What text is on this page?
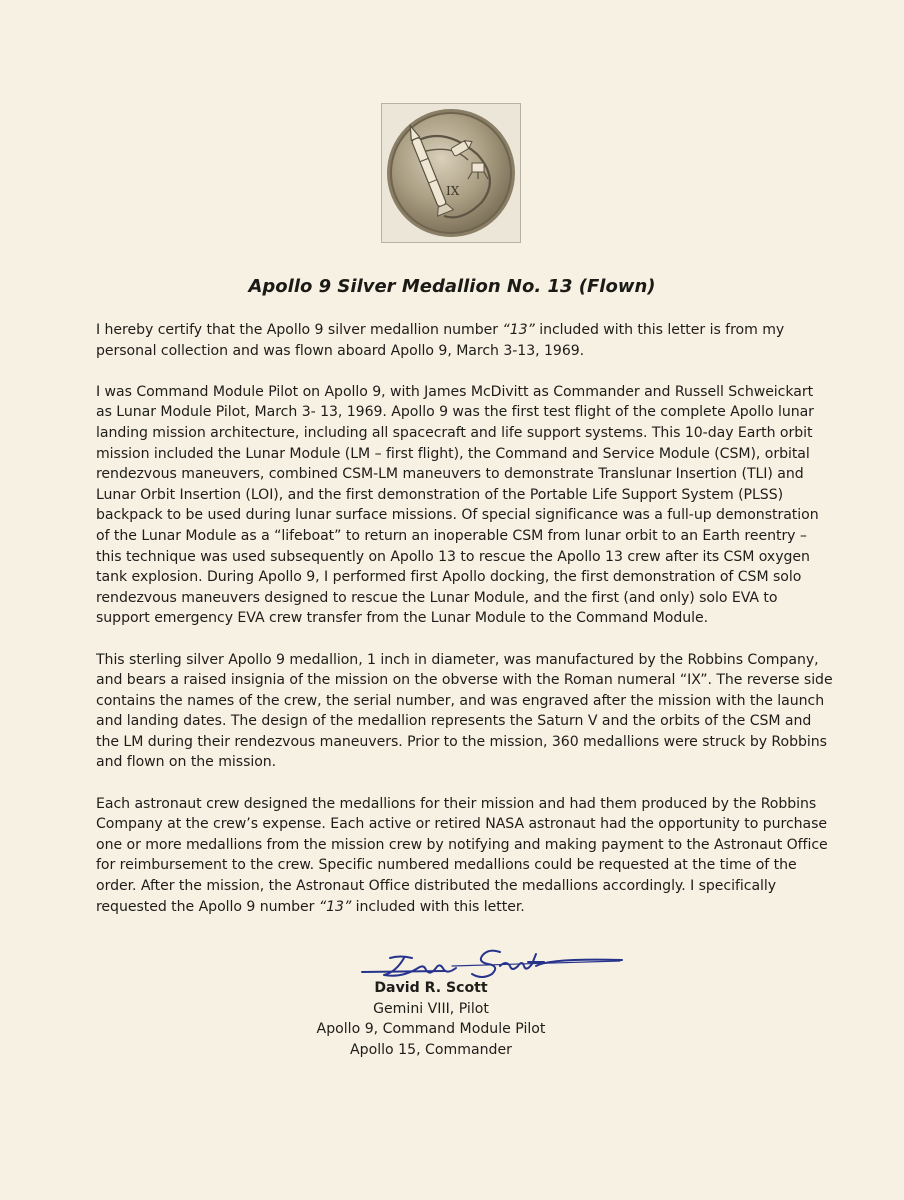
IX
Apollo 9 Silver Medallion No. 13 (Flown)

I hereby certify that the Apollo 9 silver medallion number “13” included with this letter is from my
personal collection and was flown aboard Apollo 9, March 3-13, 1969.

I was Command Module Pilot on Apollo 9, with James McDivitt as Commander and Russell Schweickart
as Lunar Module Pilot, March 3- 13, 1969. Apollo 9 was the first test flight of the complete Apollo lunar
landing mission architecture, including all spacecraft and life support systems. This 10-day Earth orbit
mission included the Lunar Module (LM – first flight), the Command and Service Module (CSM), orbital
rendezvous maneuvers, combined CSM-LM maneuvers to demonstrate Translunar Insertion (TLI) and
Lunar Orbit Insertion (LOI), and the first demonstration of the Portable Life Support System (PLSS)
backpack to be used during lunar surface missions. Of special significance was a full-up demonstration
of the Lunar Module as a “lifeboat” to return an inoperable CSM from lunar orbit to an Earth reentry –
this technique was used subsequently on Apollo 13 to rescue the Apollo 13 crew after its CSM oxygen
tank explosion. During Apollo 9, I performed first Apollo docking, the first demonstration of CSM solo
rendezvous maneuvers designed to rescue the Lunar Module, and the first (and only) solo EVA to
support emergency EVA crew transfer from the Lunar Module to the Command Module.

This sterling silver Apollo 9 medallion, 1 inch in diameter, was manufactured by the Robbins Company,
and bears a raised insignia of the mission on the obverse with the Roman numeral “IX”. The reverse side
contains the names of the crew, the serial number, and was engraved after the mission with the launch
and landing dates. The design of the medallion represents the Saturn V and the orbits of the CSM and
the LM during their rendezvous maneuvers. Prior to the mission, 360 medallions were struck by Robbins
and flown on the mission.

Each astronaut crew designed the medallions for their mission and had them produced by the Robbins
Company at the crew’s expense. Each active or retired NASA astronaut had the opportunity to purchase
one or more medallions from the mission crew by notifying and making payment to the Astronaut Office
for reimbursement to the crew. Specific numbered medallions could be requested at the time of the
order. After the mission, the Astronaut Office distributed the medallions accordingly. I specifically
requested the Apollo 9 number “13” included with this letter.

David R. Scott
Gemini VIII, Pilot
Apollo 9, Command Module Pilot
Apollo 15, Commander
